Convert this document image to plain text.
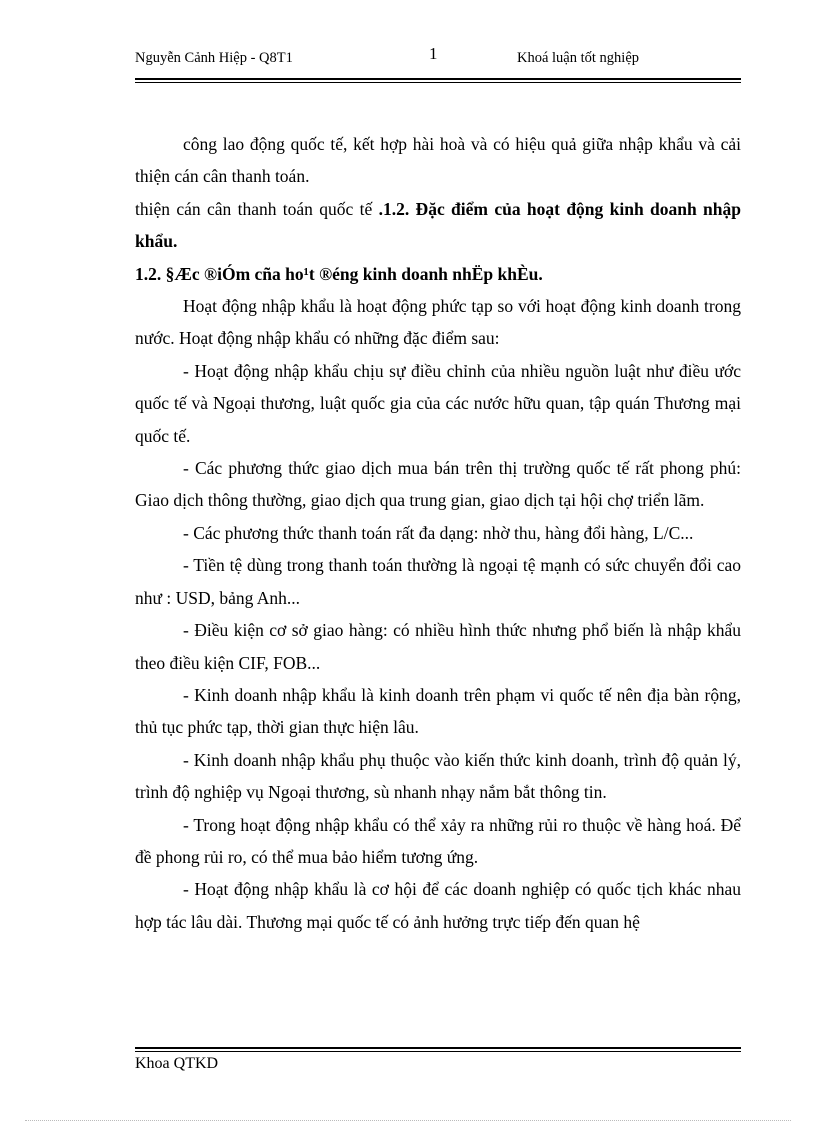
Nguyễn Cảnh Hiệp - Q8T1	1	Khoá luận tốt nghiệp

công lao động quốc tế, kết hợp hài hoà và có hiệu quả giữa nhập khẩu và cải thiện cán cân thanh toán.

thiện cán cân thanh toán quốc tế .1.2. Đặc điểm của hoạt động kinh doanh nhập khẩu.

1.2. §Æc ®iÓm cña ho¹t ®éng kinh doanh nhËp khÈu.

Hoạt động nhập khẩu là hoạt động phức tạp so với hoạt động kinh doanh trong nước. Hoạt động nhập khẩu có những đặc điểm sau:

- Hoạt động nhập khẩu chịu sự điều chỉnh của nhiều nguồn luật như điều ước quốc tế và Ngoại thương, luật quốc gia của các nước hữu quan, tập quán Thương mại quốc tế.

- Các phương thức giao dịch mua bán trên thị trường quốc tế rất phong phú: Giao dịch thông thường, giao dịch qua trung gian, giao dịch tại hội chợ triển lãm.

- Các phương thức thanh toán rất đa dạng: nhờ thu, hàng đổi hàng, L/C...

- Tiền tệ dùng trong thanh toán thường là ngoại tệ mạnh có sức chuyển đổi cao như : USD, bảng Anh...

- Điều kiện cơ sở giao hàng: có nhiều hình thức nhưng phổ biến là nhập khẩu theo điều kiện CIF, FOB...

- Kinh doanh nhập khẩu là kinh doanh trên phạm vi quốc tế nên địa bàn rộng, thủ tục phức tạp, thời gian thực hiện lâu.

- Kinh doanh nhập khẩu phụ thuộc vào kiến thức kinh doanh, trình độ quản lý, trình độ nghiệp vụ Ngoại thương, sù nhanh nhạy nắm bắt thông tin.

- Trong hoạt động nhập khẩu có thể xảy ra những rủi ro thuộc về hàng hoá. Để đề phong rủi ro, có thể mua bảo hiểm tương ứng.

- Hoạt động nhập khẩu là cơ hội để các doanh nghiệp có quốc tịch khác nhau hợp tác lâu dài. Thương mại quốc tế có ảnh hưởng trực tiếp đến quan hệ

Khoa QTKD
